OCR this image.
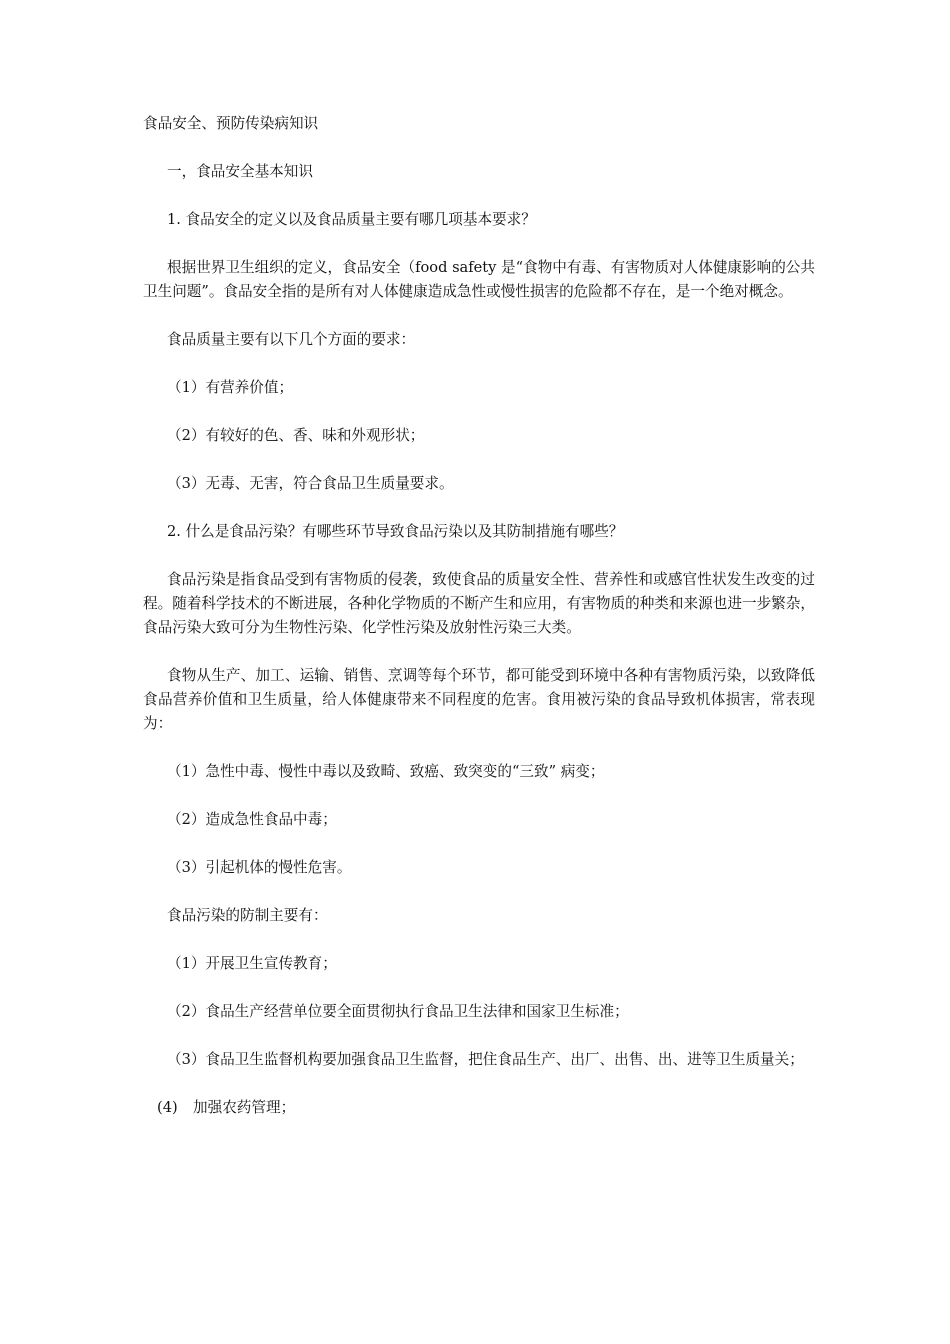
食品安全、预防传染病知识

一，食品安全基本知识

1. 食品安全的定义以及食品质量主要有哪几项基本要求？

根据世界卫生组织的定义，食品安全（food safety 是“食物中有毒、有害物质对人体健康影响的公共卫生问题”。食品安全指的是所有对人体健康造成急性或慢性损害的危险都不存在，是一个绝对概念。

食品质量主要有以下几个方面的要求：

（1）有营养价值；

（2）有较好的色、香、味和外观形状；

（3）无毒、无害，符合食品卫生质量要求。

2. 什么是食品污染？有哪些环节导致食品污染以及其防制措施有哪些？

食品污染是指食品受到有害物质的侵袭，致使食品的质量安全性、营养性和或感官性状发生改变的过程。随着科学技术的不断进展，各种化学物质的不断产生和应用，有害物质的种类和来源也进一步繁杂，食品污染大致可分为生物性污染、化学性污染及放射性污染三大类。

食物从生产、加工、运输、销售、烹调等每个环节，都可能受到环境中各种有害物质污染，以致降低食品营养价值和卫生质量，给人体健康带来不同程度的危害。食用被污染的食品导致机体损害，常表现为：

（1）急性中毒、慢性中毒以及致畸、致癌、致突变的“三致” 病变；

（2）造成急性食品中毒；

（3）引起机体的慢性危害。

食品污染的防制主要有：

（1）开展卫生宣传教育；

（2）食品生产经营单位要全面贯彻执行食品卫生法律和国家卫生标准；

（3）食品卫生监督机构要加强食品卫生监督，把住食品生产、出厂、出售、出、进等卫生质量关；

(4) 加强农药管理；
